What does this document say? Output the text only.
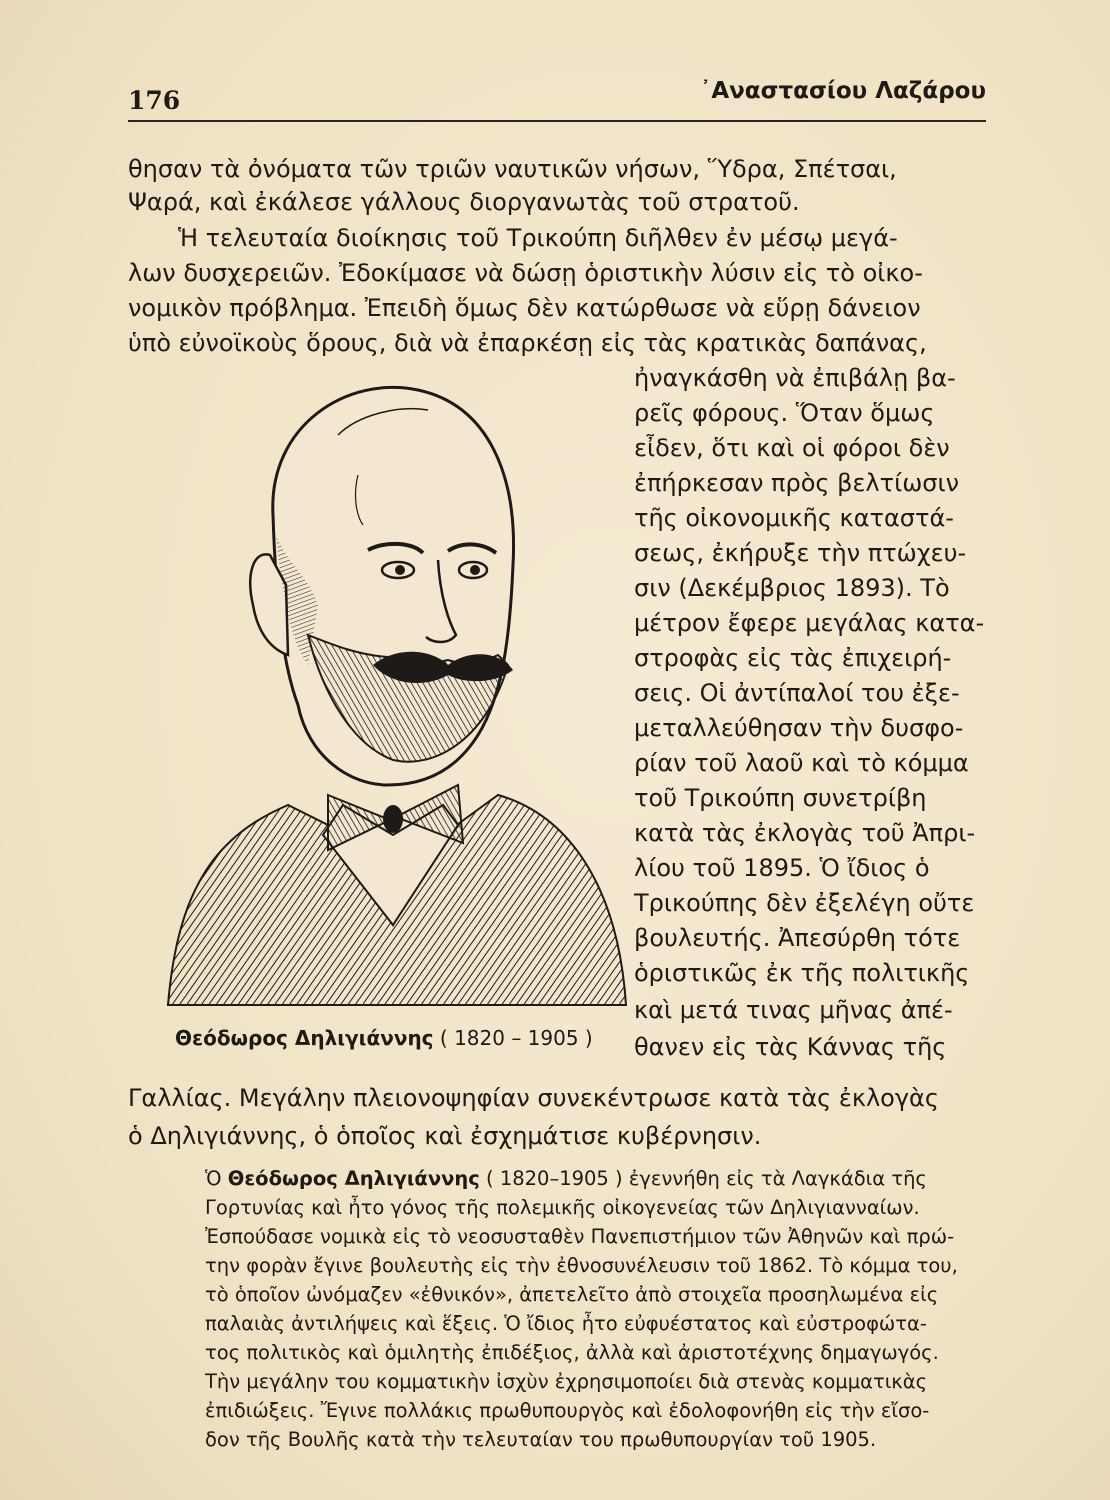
176	᾿Αναστασίου Λαζάρου

θησαν τὰ ὀνόματα τῶν τριῶν ναυτικῶν νήσων, Ὕδρα, Σπέτσαι,

Ψαρά, καὶ ἐκάλεσε γάλλους διοργανωτὰς τοῦ στρατοῦ.

Ἡ τελευταία διοίκησις τοῦ Τρικούπη διῆλθεν ἐν μέσῳ μεγά-

λων δυσχερειῶν. Ἐδοκίμασε νὰ δώσῃ ὁριστικὴν λύσιν εἰς τὸ οἰκο-

νομικὸν πρόβλημα. Ἐπειδὴ ὅμως δὲν κατώρθωσε νὰ εὕρῃ δάνειον

ὑπὸ εὐνοϊκοὺς ὅρους, διὰ νὰ ἐπαρκέσῃ εἰς τὰς κρατικὰς δαπάνας,

ἠναγκάσθη νὰ ἐπιβάλῃ βα-

ρεῖς φόρους. Ὅταν ὅμως

εἶδεν, ὅτι καὶ οἱ φόροι δὲν

ἐπήρκεσαν πρὸς βελτίωσιν

τῆς οἰκονομικῆς καταστά-

σεως, ἐκήρυξε τὴν πτώχευ-

σιν (Δεκέμβριος 1893). Τὸ

μέτρον ἔφερε μεγάλας κατα-

στροφὰς εἰς τὰς ἐπιχειρή-

σεις. Οἱ ἀντίπαλοί του ἐξε-

μεταλλεύθησαν τὴν δυσφο-

ρίαν τοῦ λαοῦ καὶ τὸ κόμμα

τοῦ Τρικούπη συνετρίβη

κατὰ τὰς ἐκλογὰς τοῦ Ἀπρι-

λίου τοῦ 1895. Ὁ ἴδιος ὁ

Τρικούπης δὲν ἐξελέγη οὔτε

βουλευτής. Ἀπεσύρθη τότε

ὁριστικῶς ἐκ τῆς πολιτικῆς

καὶ μετά τινας μῆνας ἀπέ-

θανεν εἰς τὰς Κάννας τῆς

Θεόδωρος Δηλιγιάννης ( 1820 – 1905 )

Γαλλίας. Μεγάλην πλειονοψηφίαν συνεκέντρωσε κατὰ τὰς ἐκλογὰς

ὁ Δηλιγιάννης, ὁ ὁποῖος καὶ ἐσχημάτισε κυβέρνησιν.

Ὁ Θεόδωρος Δηλιγιάννης ( 1820–1905 ) ἐγεννήθη εἰς τὰ Λαγκάδια τῆς

Γορτυνίας καὶ ἦτο γόνος τῆς πολεμικῆς οἰκογενείας τῶν Δηλιγιανναίων.

Ἐσπούδασε νομικὰ εἰς τὸ νεοσυσταθὲν Πανεπιστήμιον τῶν Ἀθηνῶν καὶ πρώ-

την φορὰν ἔγινε βουλευτὴς εἰς τὴν ἐθνοσυνέλευσιν τοῦ 1862. Τὸ κόμμα του,

τὸ ὁποῖον ὠνόμαζεν «ἐθνικόν», ἀπετελεῖτο ἀπὸ στοιχεῖα προσηλωμένα εἰς

παλαιὰς ἀντιλήψεις καὶ ἕξεις. Ὁ ἴδιος ἦτο εὐφυέστατος καὶ εὐστροφώτα-

τος πολιτικὸς καὶ ὁμιλητὴς ἐπιδέξιος, ἀλλὰ καὶ ἀριστοτέχνης δημαγωγός.

Τὴν μεγάλην του κομματικὴν ἰσχὺν ἐχρησιμοποίει διὰ στενὰς κομματικὰς

ἐπιδιώξεις. Ἔγινε πολλάκις πρωθυπουργὸς καὶ ἐδολοφονήθη εἰς τὴν εἴσο-

δον τῆς Βουλῆς κατὰ τὴν τελευταίαν του πρωθυπουργίαν τοῦ 1905.
